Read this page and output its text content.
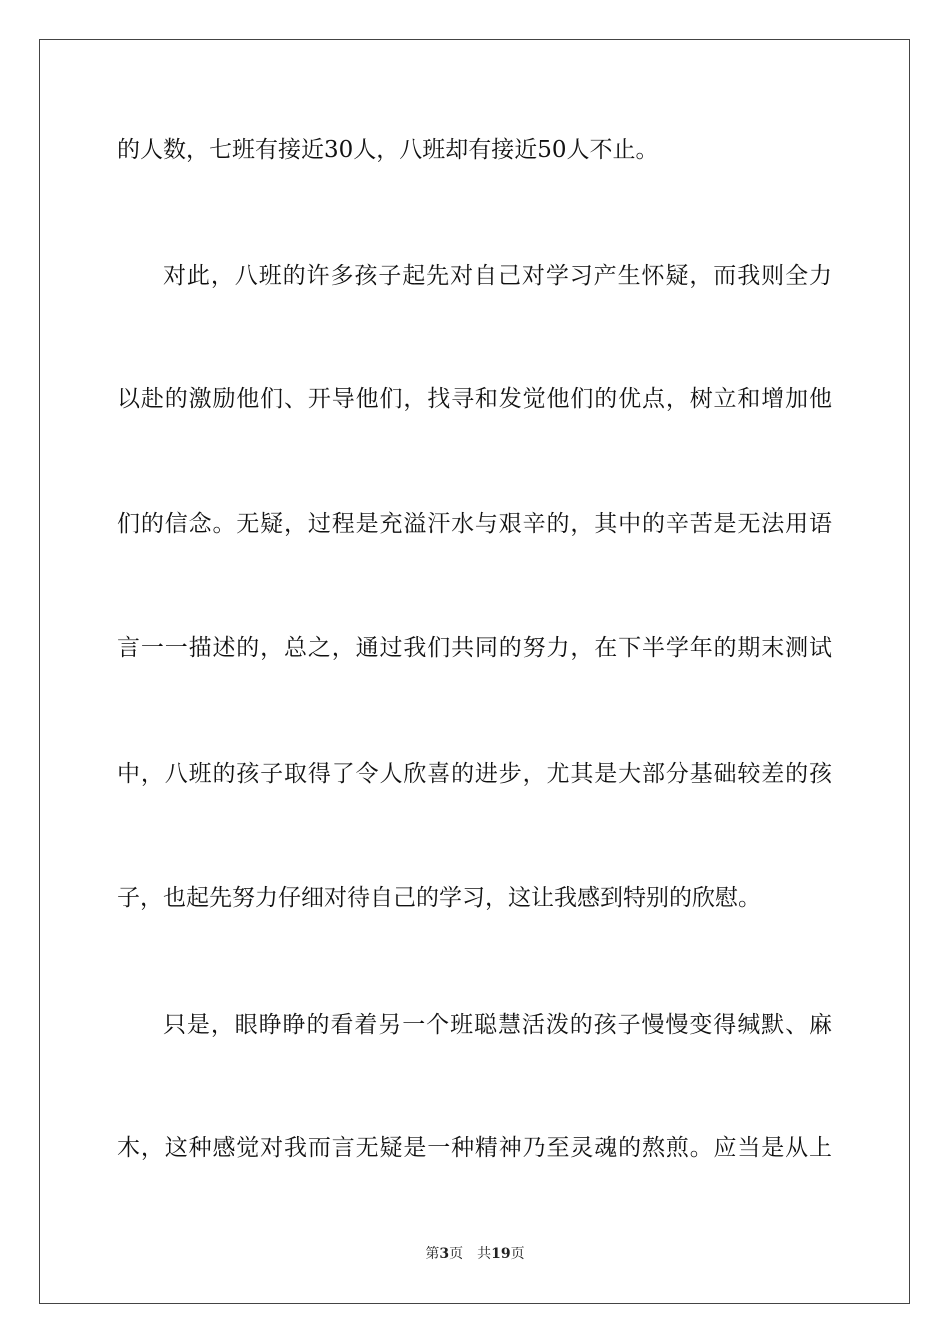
的人数，七班有接近30人，八班却有接近50人不止。
对此，八班的许多孩子起先对自己对学习产生怀疑，而我则全力
以赴的激励他们、开导他们，找寻和发觉他们的优点，树立和增加他
们的信念。无疑，过程是充溢汗水与艰辛的，其中的辛苦是无法用语
言一一描述的，总之，通过我们共同的努力，在下半学年的期末测试
中，八班的孩子取得了令人欣喜的进步，尤其是大部分基础较差的孩
子，也起先努力仔细对待自己的学习，这让我感到特别的欣慰。
只是，眼睁睁的看着另一个班聪慧活泼的孩子慢慢变得缄默、麻
木，这种感觉对我而言无疑是一种精神乃至灵魂的熬煎。应当是从上
第3页 共19页
